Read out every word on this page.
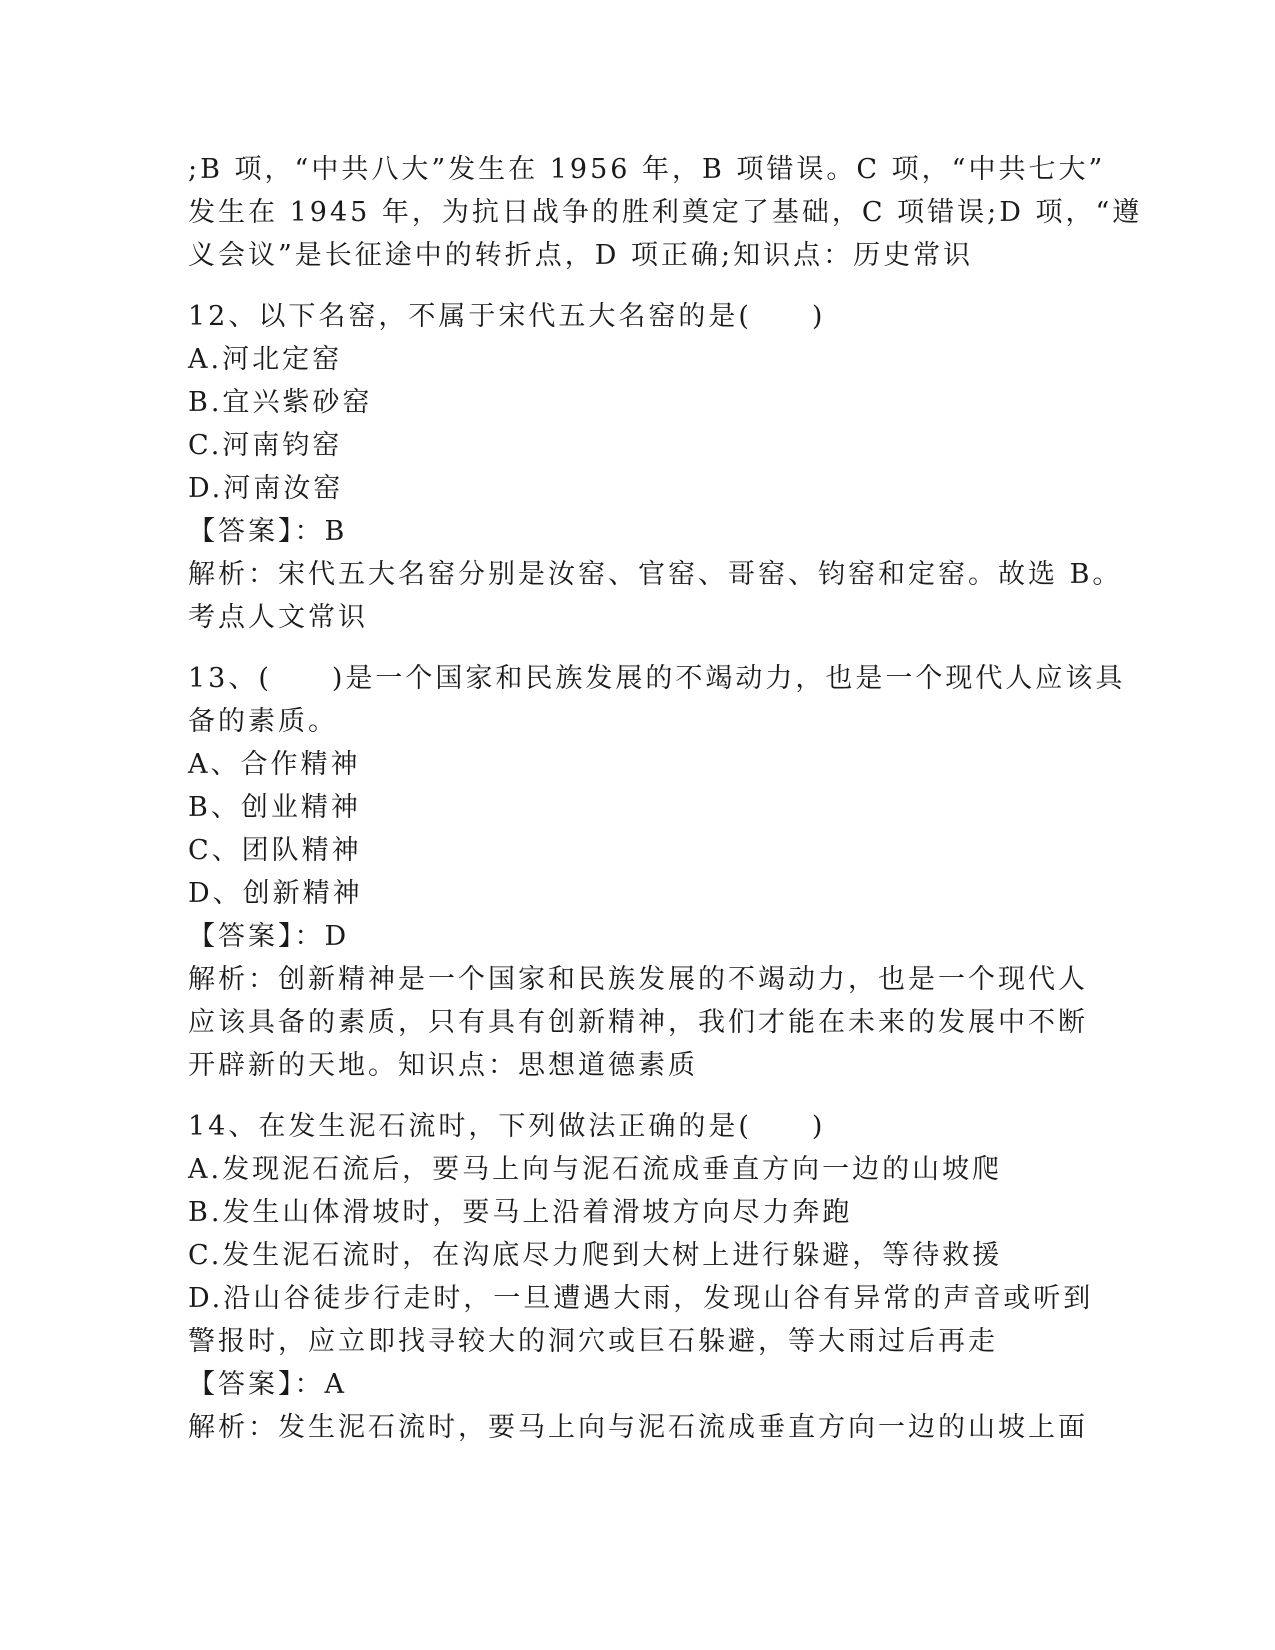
;B 项，“中共八大”发生在 1956 年，B 项错误。C 项，“中共七大”
发生在 1945 年，为抗日战争的胜利奠定了基础，C 项错误;D 项，“遵
义会议”是长征途中的转折点，D 项正确;知识点：历史常识
12、以下名窑，不属于宋代五大名窑的是(　　)
A.河北定窑
B.宜兴紫砂窑
C.河南钧窑
D.河南汝窑
【答案】：B
解析：宋代五大名窑分别是汝窑、官窑、哥窑、钧窑和定窑。故选 B。
考点人文常识
13、(　　)是一个国家和民族发展的不竭动力，也是一个现代人应该具
备的素质。
A、合作精神
B、创业精神
C、团队精神
D、创新精神
【答案】：D
解析：创新精神是一个国家和民族发展的不竭动力，也是一个现代人
应该具备的素质，只有具有创新精神，我们才能在未来的发展中不断
开辟新的天地。知识点：思想道德素质
14、在发生泥石流时，下列做法正确的是(　　)
A.发现泥石流后，要马上向与泥石流成垂直方向一边的山坡爬
B.发生山体滑坡时，要马上沿着滑坡方向尽力奔跑
C.发生泥石流时，在沟底尽力爬到大树上进行躲避，等待救援
D.沿山谷徒步行走时，一旦遭遇大雨，发现山谷有异常的声音或听到
警报时，应立即找寻较大的洞穴或巨石躲避，等大雨过后再走
【答案】：A
解析：发生泥石流时，要马上向与泥石流成垂直方向一边的山坡上面
